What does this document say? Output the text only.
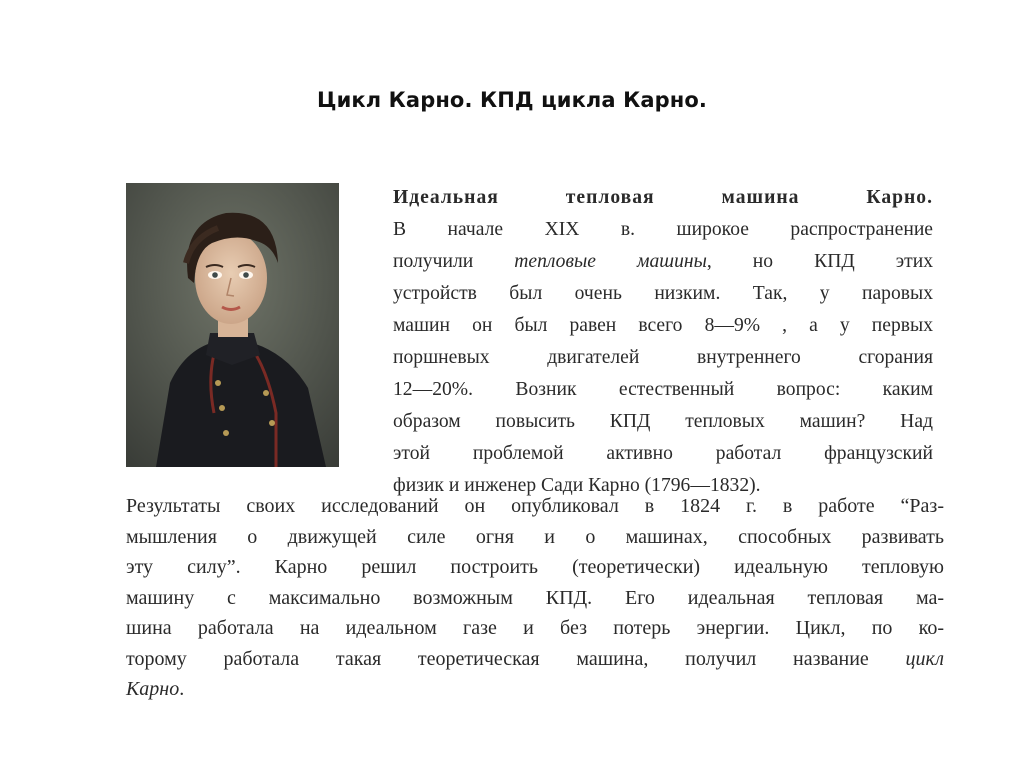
Цикл Карно. КПД цикла Карно.
Идеальная тепловая машина Карно.
В начале XIX в. широкое распространение
получили тепловые машины, но КПД этих
устройств был очень низким. Так, у паровых
машин он был равен всего 8—9% , а у первых
поршневых двигателей внутреннего сгорания
12—20%. Возник естественный вопрос: каким
образом повысить КПД тепловых машин? Над
этой проблемой активно работал французский
физик и инженер Сади Карно (1796—1832).
Результаты своих исследований он опубликовал в 1824 г. в работе “Раз-
мышления о движущей силе огня и о машинах, способных развивать
эту силу”. Карно решил построить (теоретически) идеальную тепловую
машину с максимально возможным КПД. Его идеальная тепловая ма-
шина работала на идеальном газе и без потерь энергии. Цикл, по ко-
торому работала такая теоретическая машина, получил название цикл
Карно.
